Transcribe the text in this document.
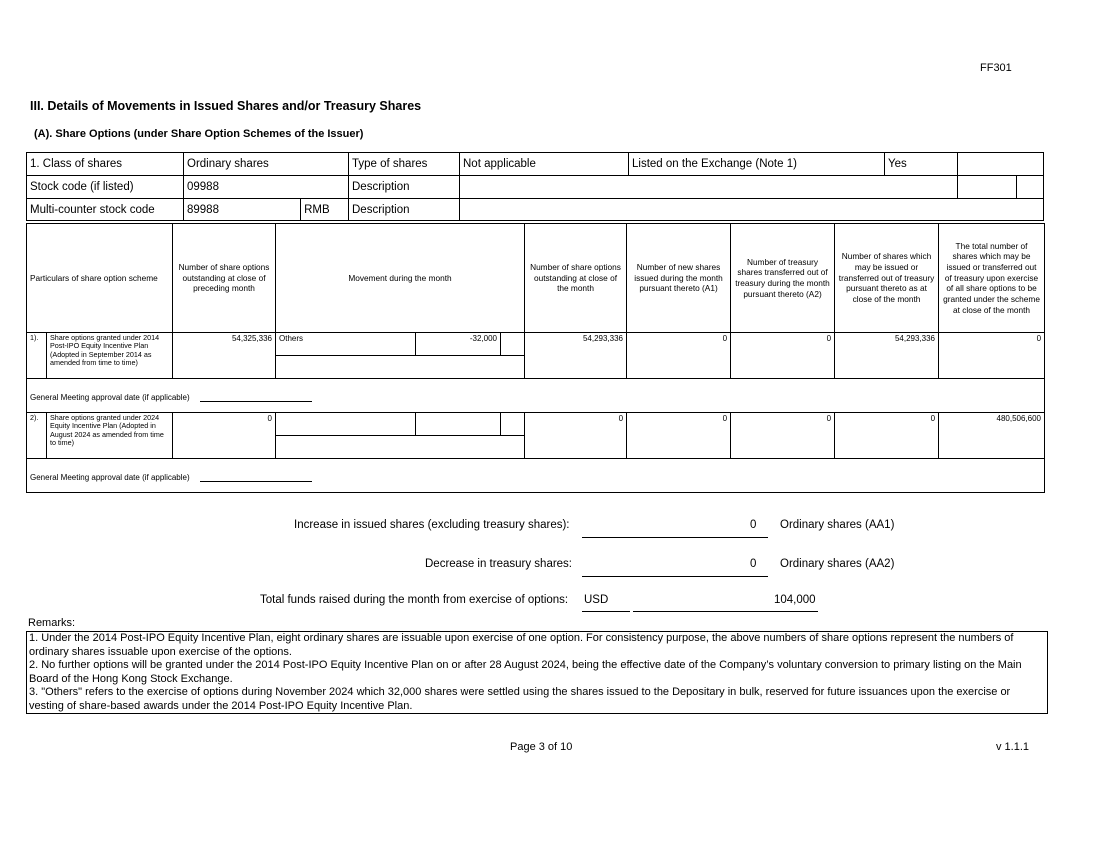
FF301
III. Details of Movements in Issued Shares and/or Treasury Shares
(A). Share Options (under Share Option Schemes of the Issuer)
1. Class of shares	Ordinary shares		Type of shares	Not applicable	Listed on the Exchange (Note 1)	Yes		
Stock code (if listed)	09988		Description					
Multi-counter stock code	89988	RMB	Description					
Particulars of share option scheme		Number of share options outstanding at close of preceding month	Movement during the month			Number of share options outstanding at close of the month	Number of new shares issued during the month pursuant thereto (A1)	Number of treasury shares transferred out of treasury during the month pursuant thereto (A2)	Number of shares which may be issued or transferred out of treasury pursuant thereto as at close of the month	The total number of shares which may be issued or transferred out of treasury upon exercise of all share options to be granted under the scheme at close of the month
1).	Share options granted under 2014 Post-IPO Equity Incentive Plan (Adopted in September 2014 as amended from time to time)	54,325,336	Others	-32,000		54,293,336	0	0	54,293,336	0

General Meeting approval date (if applicable)										
2).	Share options granted under 2024 Equity Incentive Plan (Adopted in August 2024 as amended from time to time)	0				0	0	0	0	480,506,600

General Meeting approval date (if applicable)										
Increase in issued shares (excluding treasury shares):	0 Ordinary shares (AA1)
Decrease in treasury shares:	0 Ordinary shares (AA2)
Total funds raised during the month from exercise of options: USD	104,000
Remarks:

1. Under the 2014 Post-IPO Equity Incentive Plan, eight ordinary shares are issuable upon exercise of one option. For consistency purpose, the above numbers of share options represent the numbers of ordinary shares issuable upon exercise of the options.

2. No further options will be granted under the 2014 Post-IPO Equity Incentive Plan on or after 28 August 2024, being the effective date of the Company’s voluntary conversion to primary listing on the Main Board of the Hong Kong Stock Exchange.

3. "Others" refers to the exercise of options during November 2024 which 32,000 shares were settled using the shares issued to the Depositary in bulk, reserved for future issuances upon the exercise or vesting of share-based awards under the 2014 Post-IPO Equity Incentive Plan.

Page 3 of 10	v 1.1.1
